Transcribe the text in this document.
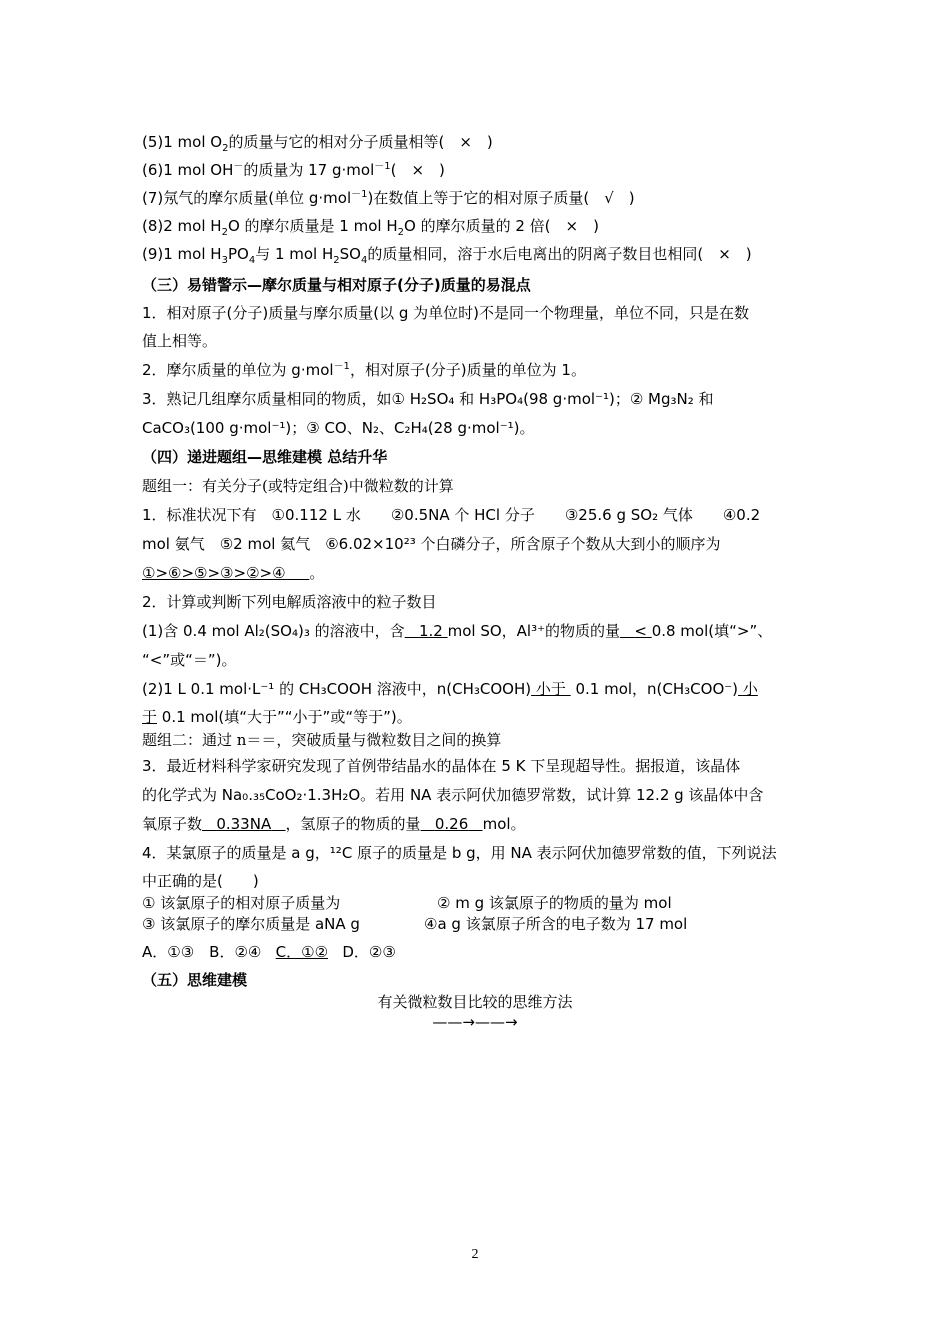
(5)1 mol $O_2$的质量与它的相对分子质量相等( × )
(6)1 mol OH－的质量为 17 g·mol$^{-1}$( × )
(7)氖气的摩尔质量(单位 g·mol$^{-1}$)在数值上等于它的相对原子质量( √ )
(8)2 mol $H_2O$ 的摩尔质量是 1 mol $H_2O$ 的摩尔质量的 2 倍( × )
(9)1 mol $H_3PO_4$与 1 mol $H_2SO_4$的质量相同，溶于水后电离出的阴离子数目也相同( × )
（三）易错警示—摩尔质量与相对原子(分子)质量的易混点
1．相对原子(分子)质量与摩尔质量(以 g 为单位时)不是同一个物理量，单位不同，只是在数
值上相等。
2．摩尔质量的单位为 g·mol$^{-1}$，相对原子(分子)质量的单位为 1。
3．熟记几组摩尔质量相同的物质，如① H₂SO₄ 和 H₃PO₄(98 g·mol⁻¹)；② Mg₃N₂ 和
CaCO₃(100 g·mol⁻¹)；③ CO、N₂、C₂H₄(28 g·mol⁻¹)。
（四）递进题组—思维建模 总结升华
题组一：有关分子(或特定组合)中微粒数的计算
1．标准状况下有 ①0.112 L 水  ②0.5NA 个 HCl 分子  ③25.6 g SO₂ 气体  ④0.2
mol 氨气 ⑤2 mol 氦气 ⑥6.02×10²³ 个白磷分子，所含原子个数从大到小的顺序为
①>⑥>⑤>③>②>④ 。
2．计算或判断下列电解质溶液中的粒子数目
(1)含 0.4 mol Al₂(SO₄)₃ 的溶液中，含 1.2 mol SO，Al³⁺的物质的量 < 0.8 mol(填“>”、
“<”或“＝”)。
(2)1 L 0.1 mol·L⁻¹ 的 CH₃COOH 溶液中，n(CH₃COOH) 小于 0.1 mol，n(CH₃COO⁻) 小
于 0.1 mol(填“大于”“小于”或“等于”)。
题组二：通过 n＝＝，突破质量与微粒数目之间的换算
3．最近材料科学家研究发现了首例带结晶水的晶体在 5 K 下呈现超导性。据报道，该晶体
的化学式为 Na₀.₃₅CoO₂·1.3H₂O。若用 NA 表示阿伏加德罗常数，试计算 12.2 g 该晶体中含
氧原子数 0.33NA ，氢原子的物质的量 0.26 mol。
4．某氯原子的质量是 a g，¹²C 原子的质量是 b g，用 NA 表示阿伏加德罗常数的值，下列说法
中正确的是(  )
① 该氯原子的相对原子质量为	② m g 该氯原子的物质的量为 mol
③ 该氯原子的摩尔质量是 aNA g	④a g 该氯原子所含的电子数为 17 mol
A．①③ B．②④ C．①② D．②③
（五）思维建模
有关微粒数目比较的思维方法
——→——→
2
